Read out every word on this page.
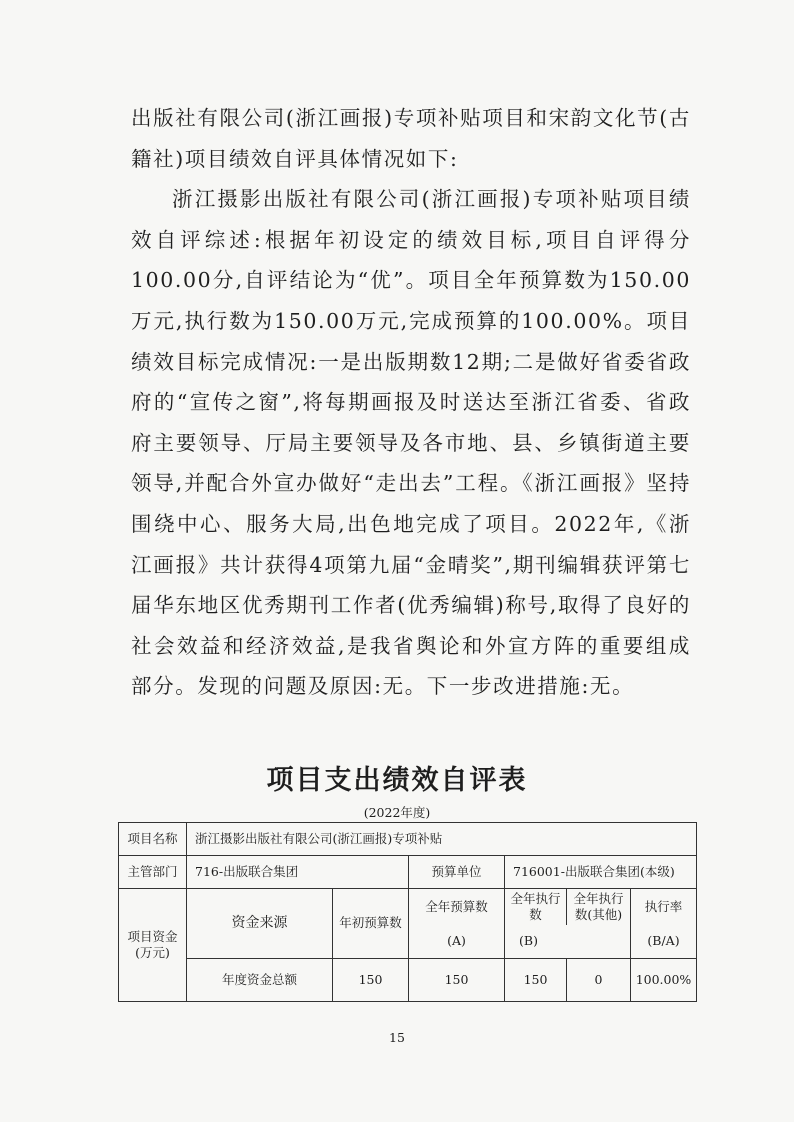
出版社有限公司(浙江画报)专项补贴项目和宋韵文化节(古籍社)项目绩效自评具体情况如下:

浙江摄影出版社有限公司(浙江画报)专项补贴项目绩效自评综述:根据年初设定的绩效目标,项目自评得分100.00分,自评结论为“优”。项目全年预算数为150.00万元,执行数为150.00万元,完成预算的100.00%。项目绩效目标完成情况:一是出版期数12期;二是做好省委省政府的“宣传之窗”,将每期画报及时送达至浙江省委、省政府主要领导、厅局主要领导及各市地、县、乡镇街道主要领导,并配合外宣办做好“走出去”工程。《浙江画报》坚持围绕中心、服务大局,出色地完成了项目。2022年,《浙江画报》共计获得4项第九届“金晴奖”,期刊编辑获评第七届华东地区优秀期刊工作者(优秀编辑)称号,取得了良好的社会效益和经济效益,是我省舆论和外宣方阵的重要组成部分。发现的问题及原因:无。下一步改进措施:无。

项目支出绩效自评表
(2022年度)
项目名称	浙江摄影出版社有限公司(浙江画报)专项补贴					
主管部门	716-出版联合集团		预算单位	716001-出版联合集团(本级)		
项目资金(万元)	资金来源	年初预算数	全年预算数	全年执行数	全年执行数(其他)	执行率
			(A)	(B)		(B/A)
	年度资金总额	150	150	150	0	100.00%
15
